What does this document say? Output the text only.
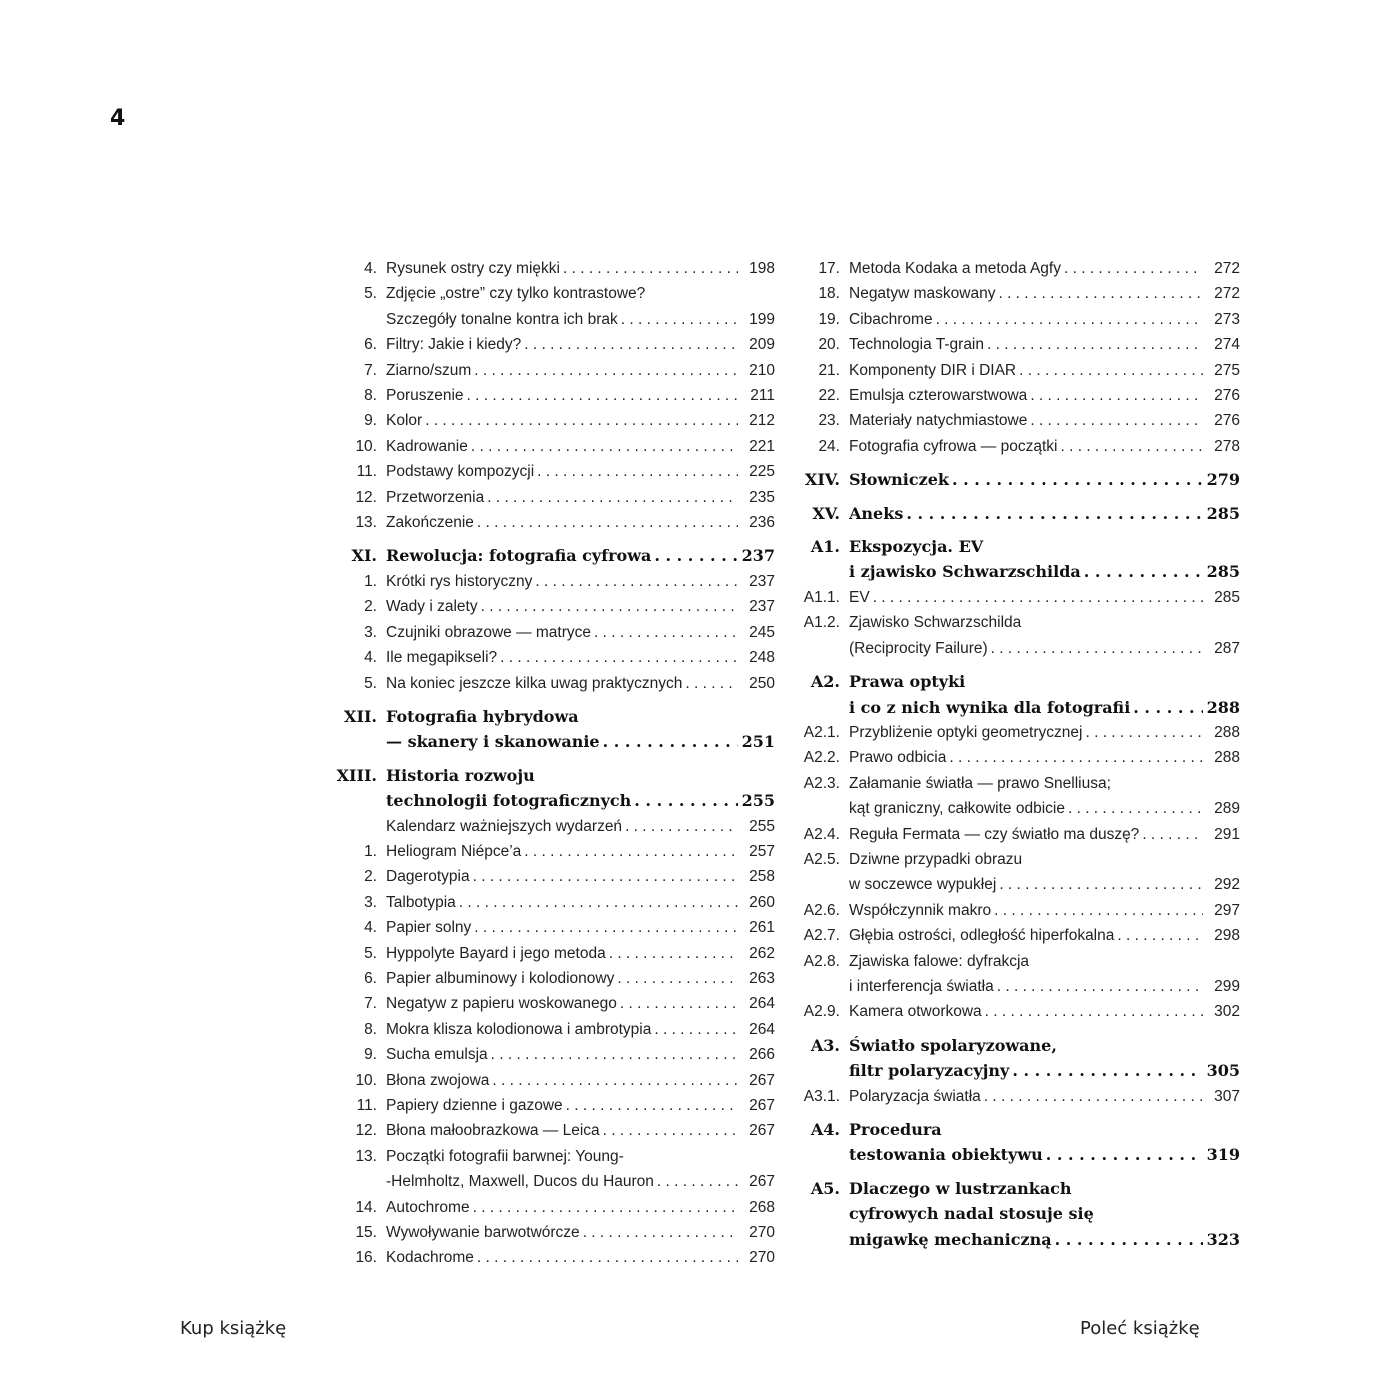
4
4. Rysunek ostry czy miękki . . .	198
5. Zdjęcie „ostre” czy tylko kontrastowe?
Szczegóły tonalne kontra ich brak . . .	199
6. Filtry: Jakie i kiedy? . . .	209
7. Ziarno/szum . . .	210
8. Poruszenie . . .	211
9. Kolor . . .	212
10. Kadrowanie . . .	221
11. Podstawy kompozycji . . .	225
12. Przetworzenia . . .	235
13. Zakończenie . . .	236
XI. Rewolucja: fotografia cyfrowa . . .	237
1. Krótki rys historyczny . . .	237
2. Wady i zalety . . .	237
3. Czujniki obrazowe — matryce . . .	245
4. Ile megapikseli? . . .	248
5. Na koniec jeszcze kilka uwag praktycznych . . .	250
XII. Fotografia hybrydowa
— skanery i skanowanie . . .	251
XIII. Historia rozwoju
technologii fotograficznych . . .	255
Kalendarz ważniejszych wydarzeń . . .	255
1. Heliogram Niépce’a . . .	257
2. Dagerotypia . . .	258
3. Talbotypia . . .	260
4. Papier solny . . .	261
5. Hyppolyte Bayard i jego metoda . . .	262
6. Papier albuminowy i kolodionowy . . .	263
7. Negatyw z papieru woskowanego . . .	264
8. Mokra klisza kolodionowa i ambrotypia . . .	264
9. Sucha emulsja . . .	266
10. Błona zwojowa . . .	267
11. Papiery dzienne i gazowe . . .	267
12. Błona małoobrazkowa — Leica . . .	267
13. Początki fotografii barwnej: Young-
-Helmholtz, Maxwell, Ducos du Hauron . . .	267
14. Autochrome . . .	268
15. Wywoływanie barwotwórcze . . .	270
16. Kodachrome . . .	270
17. Metoda Kodaka a metoda Agfy . . .	272
18. Negatyw maskowany . . .	272
19. Cibachrome . . .	273
20. Technologia T-grain . . .	274
21. Komponenty DIR i DIAR . . .	275
22. Emulsja czterowarstwowa . . .	276
23. Materiały natychmiastowe . . .	276
24. Fotografia cyfrowa — początki . . .	278
XIV. Słowniczek . . .	279
XV. Aneks . . .	285
A1. Ekspozycja. EV
i zjawisko Schwarzschilda . . .	285
A1.1. EV . . .	285
A1.2. Zjawisko Schwarzschilda
(Reciprocity Failure) . . .	287
A2. Prawa optyki
i co z nich wynika dla fotografii . . .	288
A2.1. Przybliżenie optyki geometrycznej . . .	288
A2.2. Prawo odbicia . . .	288
A2.3. Załamanie światła — prawo Snelliusa;
kąt graniczny, całkowite odbicie . . .	289
A2.4. Reguła Fermata — czy światło ma duszę? . . .	291
A2.5. Dziwne przypadki obrazu
w soczewce wypukłej . . .	292
A2.6. Współczynnik makro . . .	297
A2.7. Głębia ostrości, odległość hiperfokalna . . .	298
A2.8. Zjawiska falowe: dyfrakcja
i interferencja światła . . .	299
A2.9. Kamera otworkowa . . .	302
A3. Światło spolaryzowane,
filtr polaryzacyjny . . .	305
A3.1. Polaryzacja światła . . .	307
A4. Procedura
testowania obiektywu . . .	319
A5. Dlaczego w lustrzankach
cyfrowych nadal stosuje się
migawkę mechaniczną . . .	323
Kup książkę	Poleć książkę
